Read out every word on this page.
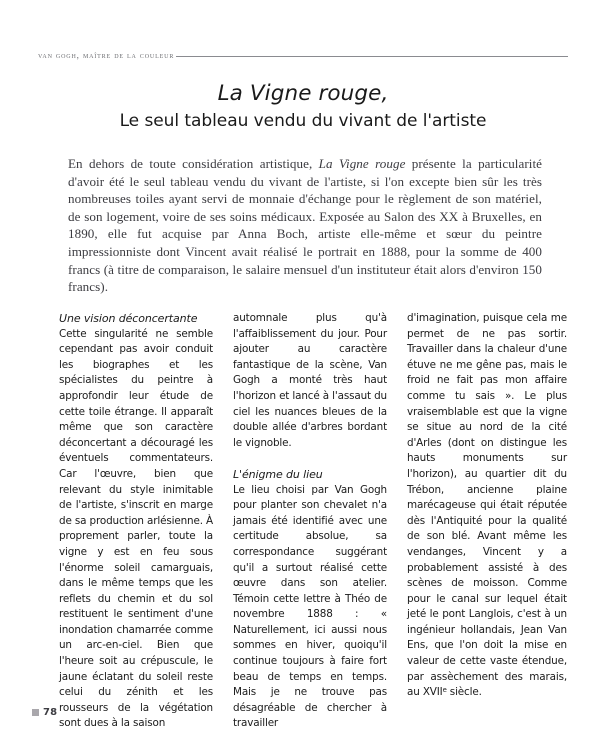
van gogh, maître de la couleur
La Vigne rouge,
Le seul tableau vendu du vivant de l'artiste
En dehors de toute considération artistique, La Vigne rouge présente la particularité d'avoir été le seul tableau vendu du vivant de l'artiste, si l'on excepte bien sûr les très nombreuses toiles ayant servi de monnaie d'échange pour le règlement de son matériel, de son logement, voire de ses soins médicaux. Exposée au Salon des XX à Bruxelles, en 1890, elle fut acquise par Anna Boch, artiste elle-même et sœur du peintre impressionniste dont Vincent avait réalisé le portrait en 1888, pour la somme de 400 francs (à titre de comparaison, le salaire mensuel d'un instituteur était alors d'environ 150 francs).
Une vision déconcertante

Cette singularité ne semble cependant pas avoir conduit les biographes et les spécialistes du peintre à approfondir leur étude de cette toile étrange. Il apparaît même que son caractère déconcertant a découragé les éventuels commentateurs. Car l'œuvre, bien que relevant du style inimitable de l'artiste, s'inscrit en marge de sa production arlésienne. À proprement parler, toute la vigne y est en feu sous l'énorme soleil camarguais, dans le même temps que les reflets du chemin et du sol restituent le sentiment d'une inondation chamarrée comme un arc-en-ciel. Bien que l'heure soit au crépuscule, le jaune éclatant du soleil reste celui du zénith et les rousseurs de la végétation sont dues à la saison

automnale plus qu'à l'affaiblissement du jour. Pour ajouter au caractère fantastique de la scène, Van Gogh a monté très haut l'horizon et lancé à l'assaut du ciel les nuances bleues de la double allée d'arbres bordant le vignoble.

L'énigme du lieu

Le lieu choisi par Van Gogh pour planter son chevalet n'a jamais été identifié avec une certitude absolue, sa correspondance suggérant qu'il a surtout réalisé cette œuvre dans son atelier. Témoin cette lettre à Théo de novembre 1888 : « Naturellement, ici aussi nous sommes en hiver, quoiqu'il continue toujours à faire fort beau de temps en temps. Mais je ne trouve pas désagréable de chercher à travailler

d'imagination, puisque cela me permet de ne pas sortir. Travailler dans la chaleur d'une étuve ne me gêne pas, mais le froid ne fait pas mon affaire comme tu sais ». Le plus vraisemblable est que la vigne se situe au nord de la cité d'Arles (dont on distingue les hauts monuments sur l'horizon), au quartier dit du Trébon, ancienne plaine marécageuse qui était réputée dès l'Antiquité pour la qualité de son blé. Avant même les vendanges, Vincent y a probablement assisté à des scènes de moisson. Comme pour le canal sur lequel était jeté le pont Langlois, c'est à un ingénieur hollandais, Jean Van Ens, que l'on doit la mise en valeur de cette vaste étendue, par assèchement des marais, au XVIIe siècle.

78
